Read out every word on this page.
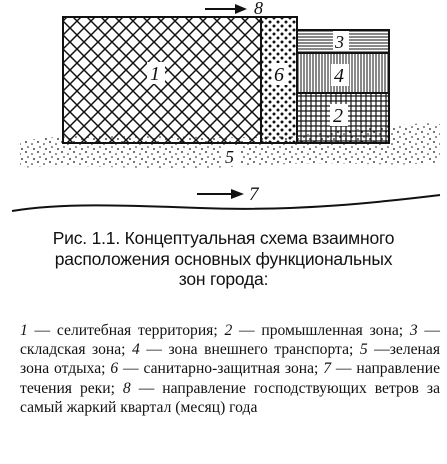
1	6
3
4
2
5
8
7
Рис. 1.1. Концептуальная схема взаимного
расположения основных функциональных
зон города:

1 — селитебная территория; 2 — промышленная зона; 3 — складская зона; 4 — зона внешнего транспорта; 5 —зеленая зона отдыха; 6 — санитарно-защитная зона; 7 — направление течения реки; 8 — направление господствующих ветров за самый жаркий квартал (месяц) года
